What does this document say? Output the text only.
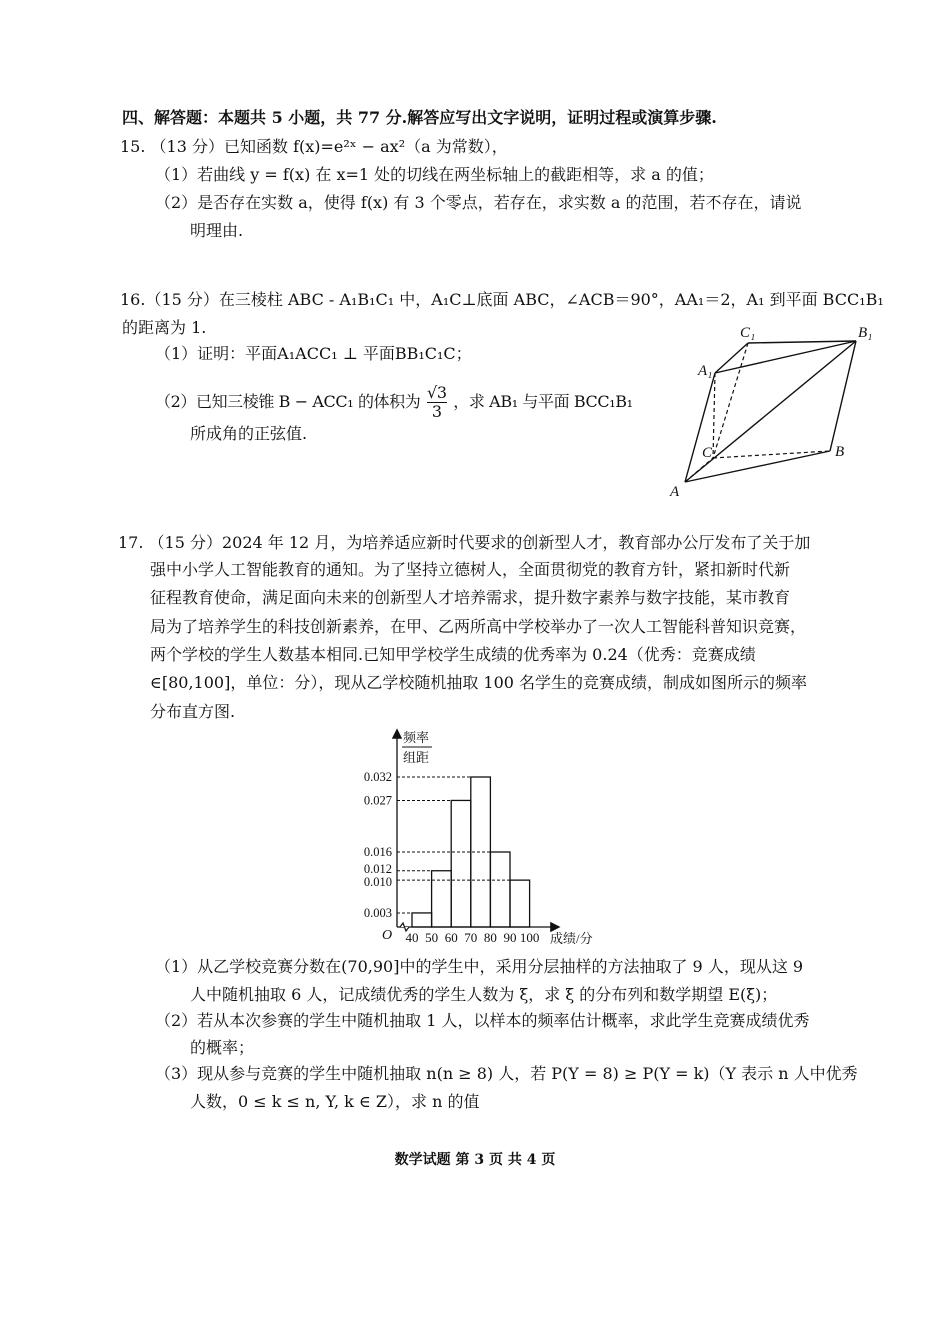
四、解答题：本题共 5 小题，共 77 分.解答应写出文字说明，证明过程或演算步骤.
15. （13 分）已知函数 f(x)=e²ˣ − ax²（a 为常数），
（1）若曲线 y = f(x) 在 x=1 处的切线在两坐标轴上的截距相等，求 a 的值；
（2）是否存在实数 a，使得 f(x) 有 3 个零点，若存在，求实数 a 的范围，若不存在，请说
明理由.
16.（15 分）在三棱柱 ABC - A₁B₁C₁ 中，A₁C⊥底面 ABC，∠ACB＝90°，AA₁＝2，A₁ 到平面 BCC₁B₁
的距离为 1.
（1）证明：平面A₁ACC₁ ⊥ 平面BB₁C₁C；
（2）已知三棱锥 B − ACC₁ 的体积为 $\frac{√3}{3}$ ，求 AB₁ 与平面 BCC₁B₁
所成角的正弦值.
C₁	B₁
A₁
C	B
A
17. （15 分）2024 年 12 月，为培养适应新时代要求的创新型人才，教育部办公厅发布了关于加
强中小学人工智能教育的通知。为了坚持立德树人，全面贯彻党的教育方针，紧扣新时代新
征程教育使命，满足面向未来的创新型人才培养需求，提升数字素养与数字技能，某市教育
局为了培养学生的科技创新素养，在甲、乙两所高中学校举办了一次人工智能科普知识竞赛，
两个学校的学生人数基本相同.已知甲学校学生成绩的优秀率为 0.24（优秀：竞赛成绩
∈[80,100]，单位：分），现从乙学校随机抽取 100 名学生的竞赛成绩，制成如图所示的频率
分布直方图.
频率
组距
O	成绩/分
0.003
0.010
0.012
0.016
0.027
0.032
40 50 60 70 80 90 100
（1）从乙学校竞赛分数在(70,90]中的学生中，采用分层抽样的方法抽取了 9 人，现从这 9
人中随机抽取 6 人，记成绩优秀的学生人数为 ξ，求 ξ 的分布列和数学期望 E(ξ)；
（2）若从本次参赛的学生中随机抽取 1 人，以样本的频率估计概率，求此学生竞赛成绩优秀
的概率；
（3）现从参与竞赛的学生中随机抽取 n(n ≥ 8) 人，若 P(Y = 8) ≥ P(Y = k)（Y 表示 n 人中优秀
人数，0 ≤ k ≤ n, Y, k ∈ Z），求 n 的值
数学试题 第 3 页 共 4 页
